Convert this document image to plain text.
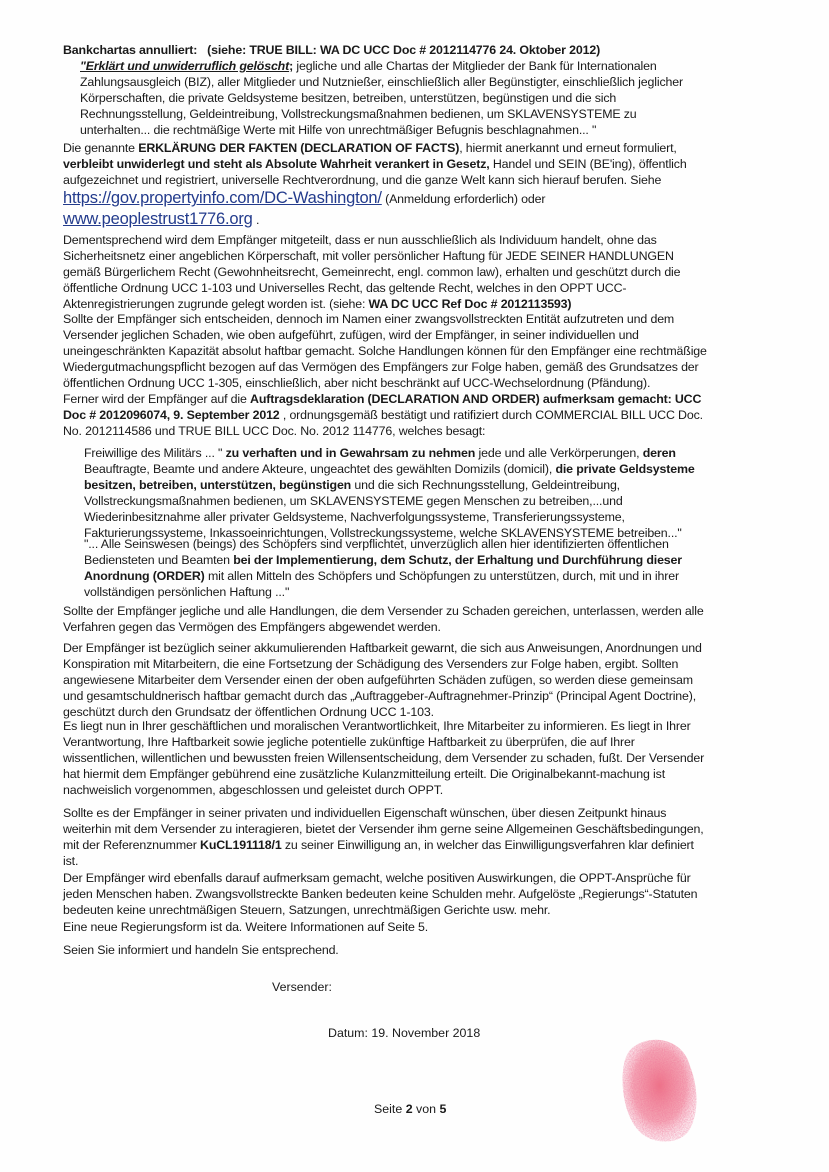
Bankchartas annulliert: (siehe: TRUE BILL: WA DC UCC Doc # 2012114776 24. Oktober 2012)
"Erklärt und unwiderruflich gelöscht; jegliche und alle Chartas der Mitglieder der Bank für Internationalen
Zahlungsausgleich (BIZ), aller Mitglieder und Nutznießer, einschließlich aller Begünstigter, einschließlich jeglicher
Körperschaften, die private Geldsysteme besitzen, betreiben, unterstützen, begünstigen und die sich
Rechnungsstellung, Geldeintreibung, Vollstreckungsmaßnahmen bedienen, um SKLAVENSYSTEME zu
unterhalten... die rechtmäßige Werte mit Hilfe von unrechtmäßiger Befugnis beschlagnahmen... "
Die genannte ERKLÄRUNG DER FAKTEN (DECLARATION OF FACTS), hiermit anerkannt und erneut formuliert,
verbleibt unwiderlegt und steht als Absolute Wahrheit verankert in Gesetz, Handel und SEIN (BE'ing), öffentlich
aufgezeichnet und registriert, universelle Rechtverordnung, und die ganze Welt kann sich hierauf berufen. Siehe
https://gov.propertyinfo.com/DC-Washington/ (Anmeldung erforderlich) oder
www.peoplestrust1776.org .
Dementsprechend wird dem Empfänger mitgeteilt, dass er nun ausschließlich als Individuum handelt, ohne das
Sicherheitsnetz einer angeblichen Körperschaft, mit voller persönlicher Haftung für JEDE SEINER HANDLUNGEN
gemäß Bürgerlichem Recht (Gewohnheitsrecht, Gemeinrecht, engl. common law), erhalten und geschützt durch die
öffentliche Ordnung UCC 1-103 und Universelles Recht, das geltende Recht, welches in den OPPT UCC-
Aktenregistrierungen zugrunde gelegt worden ist. (siehe: WA DC UCC Ref Doc # 2012113593)
Sollte der Empfänger sich entscheiden, dennoch im Namen einer zwangsvollstreckten Entität aufzutreten und dem
Versender jeglichen Schaden, wie oben aufgeführt, zufügen, wird der Empfänger, in seiner individuellen und
uneingeschränkten Kapazität absolut haftbar gemacht. Solche Handlungen können für den Empfänger eine rechtmäßige
Wiedergutmachungspflicht bezogen auf das Vermögen des Empfängers zur Folge haben, gemäß des Grundsatzes der
öffentlichen Ordnung UCC 1-305, einschließlich, aber nicht beschränkt auf UCC-Wechselordnung (Pfändung).
Ferner wird der Empfänger auf die Auftragsdeklaration (DECLARATION AND ORDER) aufmerksam gemacht: UCC
Doc # 2012096074, 9. September 2012 , ordnungsgemäß bestätigt und ratifiziert durch COMMERCIAL BILL UCC Doc.
No. 2012114586 und TRUE BILL UCC Doc. No. 2012 114776, welches besagt:
Freiwillige des Militärs ... " zu verhaften und in Gewahrsam zu nehmen jede und alle Verkörperungen, deren
Beauftragte, Beamte und andere Akteure, ungeachtet des gewählten Domizils (domicil), die private Geldsysteme
besitzen, betreiben, unterstützen, begünstigen und die sich Rechnungsstellung, Geldeintreibung,
Vollstreckungsmaßnahmen bedienen, um SKLAVENSYSTEME gegen Menschen zu betreiben,...und
Wiederinbesitznahme aller privater Geldsysteme, Nachverfolgungssysteme, Transferierungssysteme,
Fakturierungssysteme, Inkassoeinrichtungen, Vollstreckungssysteme, welche SKLAVENSYSTEME betreiben..."
"... Alle Seinswesen (beings) des Schöpfers sind verpflichtet, unverzüglich allen hier identifizierten öffentlichen
Bediensteten und Beamten bei der Implementierung, dem Schutz, der Erhaltung und Durchführung dieser
Anordnung (ORDER) mit allen Mitteln des Schöpfers und Schöpfungen zu unterstützen, durch, mit und in ihrer
vollständigen persönlichen Haftung ..."
Sollte der Empfänger jegliche und alle Handlungen, die dem Versender zu Schaden gereichen, unterlassen, werden alle
Verfahren gegen das Vermögen des Empfängers abgewendet werden.
Der Empfänger ist bezüglich seiner akkumulierenden Haftbarkeit gewarnt, die sich aus Anweisungen, Anordnungen und
Konspiration mit Mitarbeitern, die eine Fortsetzung der Schädigung des Versenders zur Folge haben, ergibt. Sollten
angewiesene Mitarbeiter dem Versender einen der oben aufgeführten Schäden zufügen, so werden diese gemeinsam
und gesamtschuldnerisch haftbar gemacht durch das „Auftraggeber-Auftragnehmer-Prinzip“ (Principal Agent Doctrine),
geschützt durch den Grundsatz der öffentlichen Ordnung UCC 1-103.
Es liegt nun in Ihrer geschäftlichen und moralischen Verantwortlichkeit, Ihre Mitarbeiter zu informieren. Es liegt in Ihrer
Verantwortung, Ihre Haftbarkeit sowie jegliche potentielle zukünftige Haftbarkeit zu überprüfen, die auf Ihrer
wissentlichen, willentlichen und bewussten freien Willensentscheidung, dem Versender zu schaden, fußt. Der Versender
hat hiermit dem Empfänger gebührend eine zusätzliche Kulanzmitteilung erteilt. Die Originalbekannt-machung ist
nachweislich vorgenommen, abgeschlossen und geleistet durch OPPT.
Sollte es der Empfänger in seiner privaten und individuellen Eigenschaft wünschen, über diesen Zeitpunkt hinaus
weiterhin mit dem Versender zu interagieren, bietet der Versender ihm gerne seine Allgemeinen Geschäftsbedingungen,
mit der Referenznummer KuCL191118/1 zu seiner Einwilligung an, in welcher das Einwilligungsverfahren klar definiert
ist.
Der Empfänger wird ebenfalls darauf aufmerksam gemacht, welche positiven Auswirkungen, die OPPT-Ansprüche für
jeden Menschen haben. Zwangsvollstreckte Banken bedeuten keine Schulden mehr. Aufgelöste „Regierungs“-Statuten
bedeuten keine unrechtmäßigen Steuern, Satzungen, unrechtmäßigen Gerichte usw. mehr.
Eine neue Regierungsform ist da. Weitere Informationen auf Seite 5.
Seien Sie informiert und handeln Sie entsprechend.
Versender:
Datum: 19. November 2018
Seite 2 von 5
